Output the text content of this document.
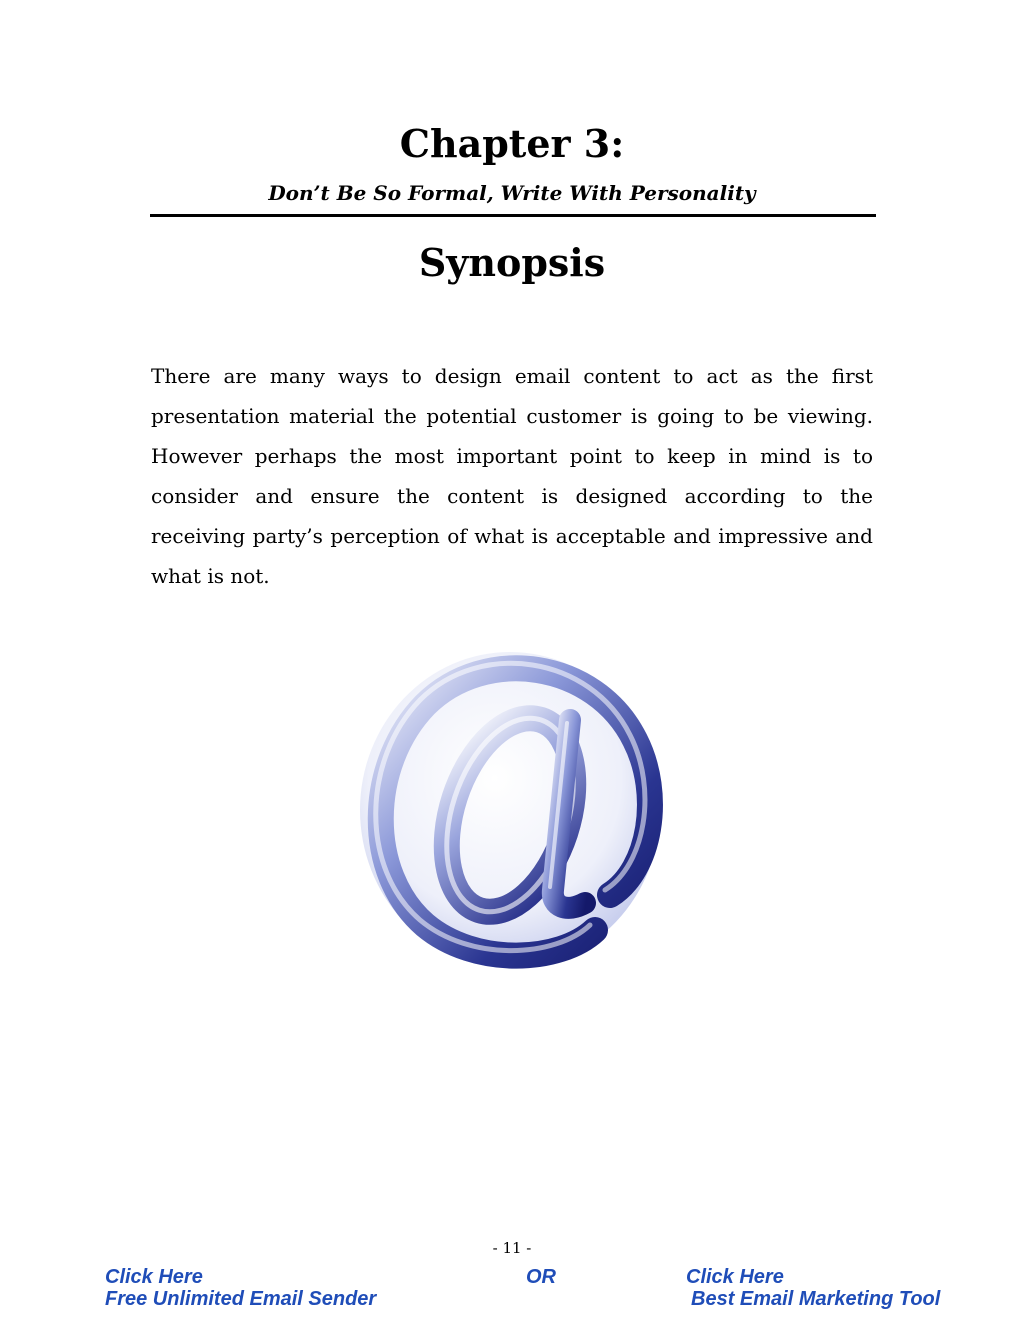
Chapter 3:
Don’t Be So Formal, Write With Personality
Synopsis

There are many ways to design email content to act as the first presentation material the potential customer is going to be viewing. However perhaps the most important point to keep in mind is to consider and ensure the content is designed according to the receiving party’s perception of what is acceptable and impressive and what is not.

- 11 -
Click Here
Free Unlimited Email Sender
OR	Click Here
Best Email Marketing Tool
